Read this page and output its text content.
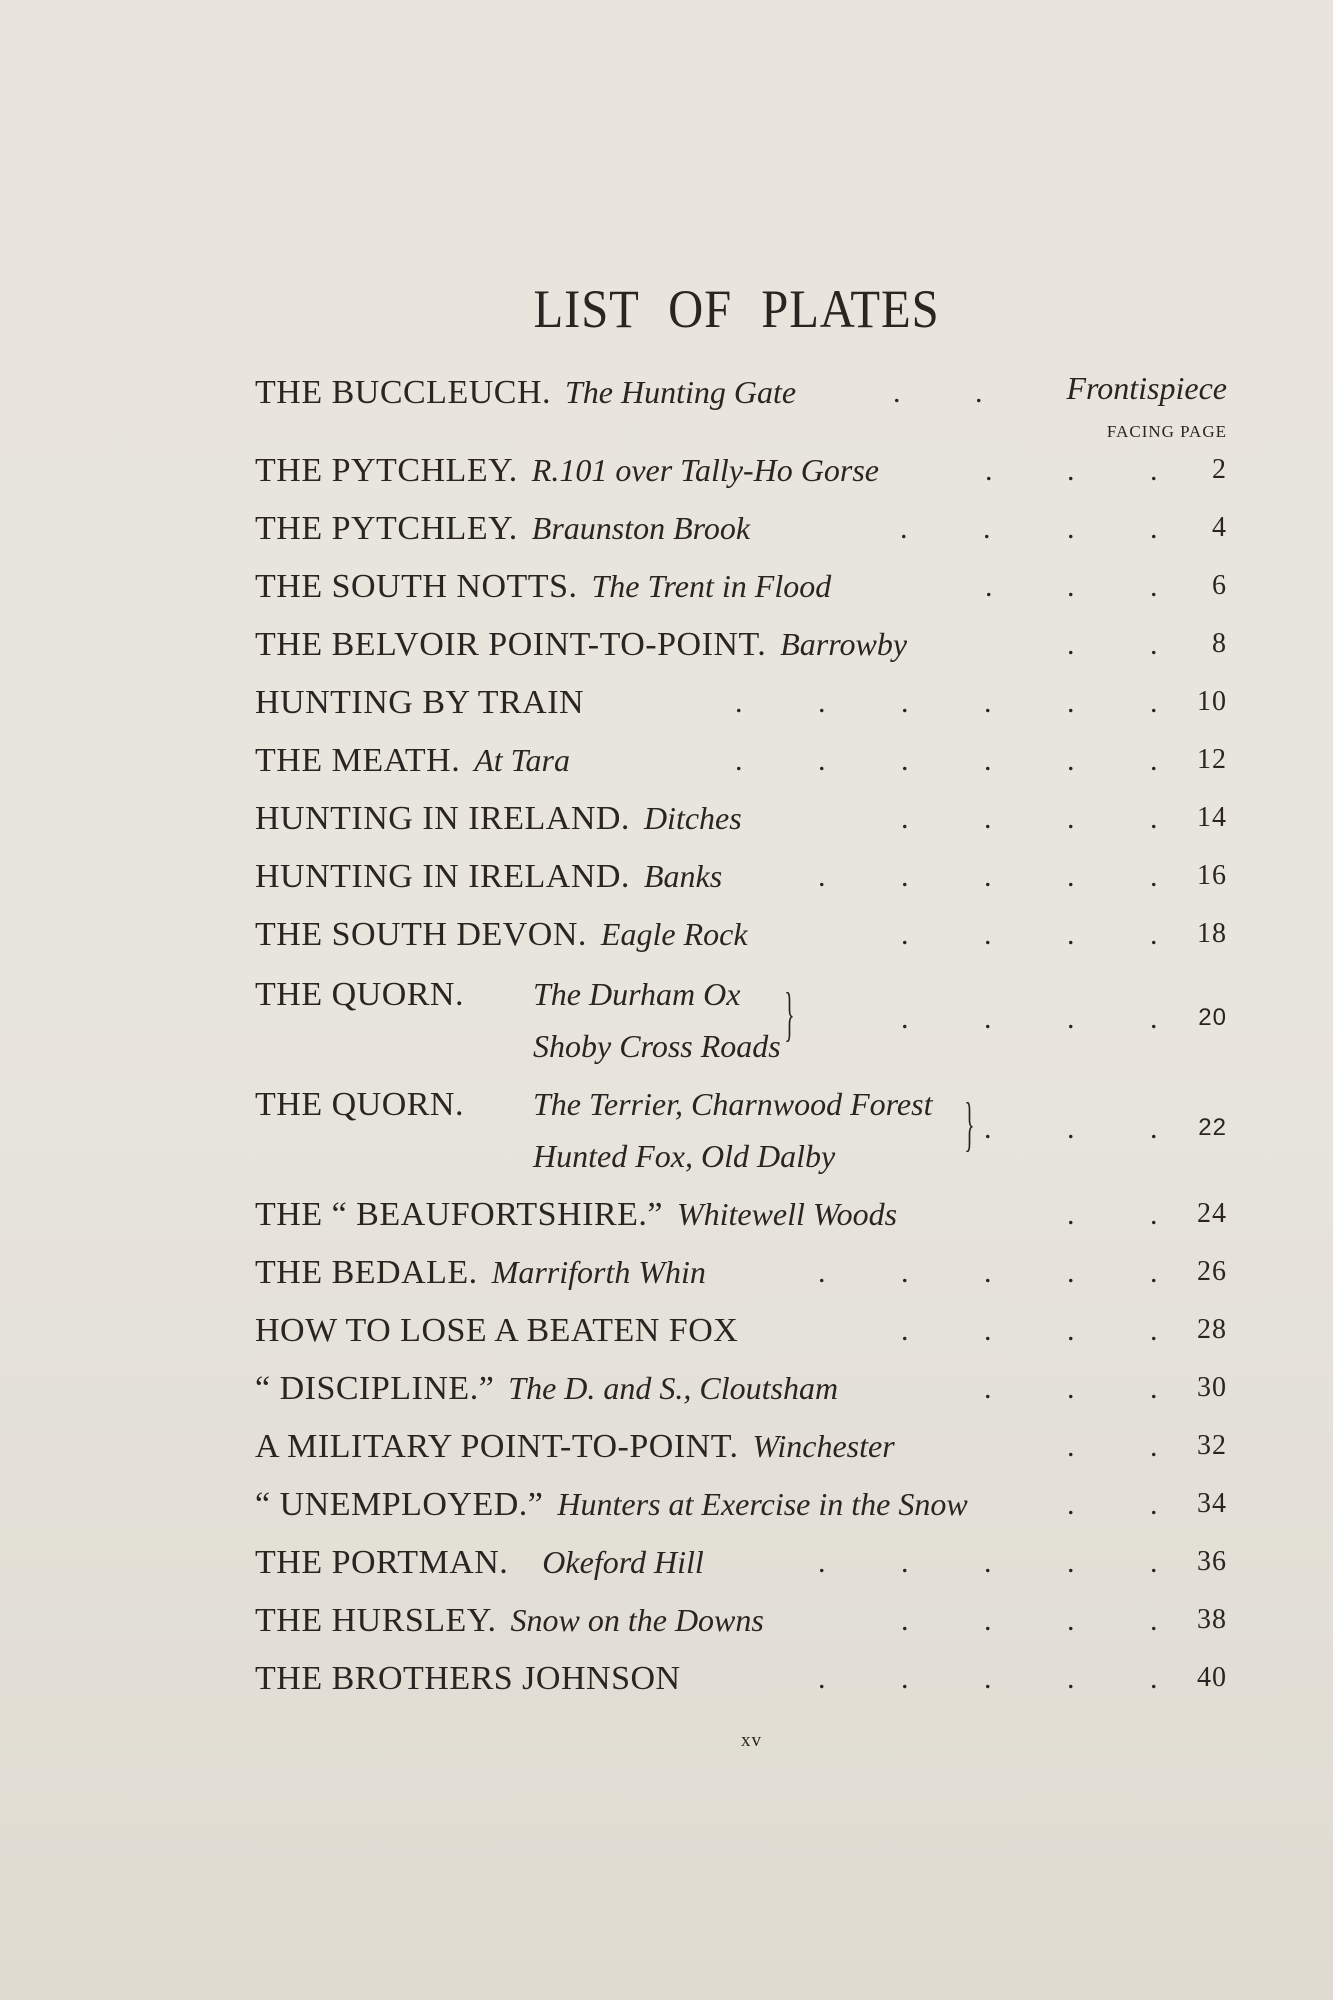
LIST OF PLATES
THE BUCCLEUCH. The Hunting Gate	. .	Frontispiece
FACING PAGE
THE PYTCHLEY. R.101 over Tally-Ho Gorse	. .	. 2
THE PYTCHLEY. Braunston Brook	.	.	.	. 4
THE SOUTH NOTTS. The Trent in Flood	. .	. 6
THE BELVOIR POINT-TO-POINT. Barrowby	.	. 8
HUNTING BY TRAIN	.	.	.	.	.	. 10
THE MEATH. At Tara	.	.	.	.	.	. 12
HUNTING IN IRELAND. Ditches	.	.	.	. 14
HUNTING IN IRELAND. Banks	.	.	.	.	. 16
THE SOUTH DEVON. Eagle Rock	.	.	.	. 18
THE QUORN. The Durham Ox
Shoby Cross Roads }	.	.	.	. 20
THE QUORN. The Terrier, Charnwood Forest
Hunted Fox, Old Dalby } .	.	. 22
THE “ BEAUFORTSHIRE.” Whitewell Woods	.	. 24
THE BEDALE. Marriforth Whin	.	.	.	.	. 26
HOW TO LOSE A BEATEN FOX	.	.	.	. 28
“ DISCIPLINE.” The D. and S., Cloutsham	.	.	. 30
A MILITARY POINT-TO-POINT. Winchester	.	. 32
“ UNEMPLOYED.” Hunters at Exercise in the Snow	.	. 34
THE PORTMAN. Okeford Hill	.	.	.	.	. 36
THE HURSLEY. Snow on the Downs	.	.	.	. 38
THE BROTHERS JOHNSON	.	.	.	.	. 40
xv
